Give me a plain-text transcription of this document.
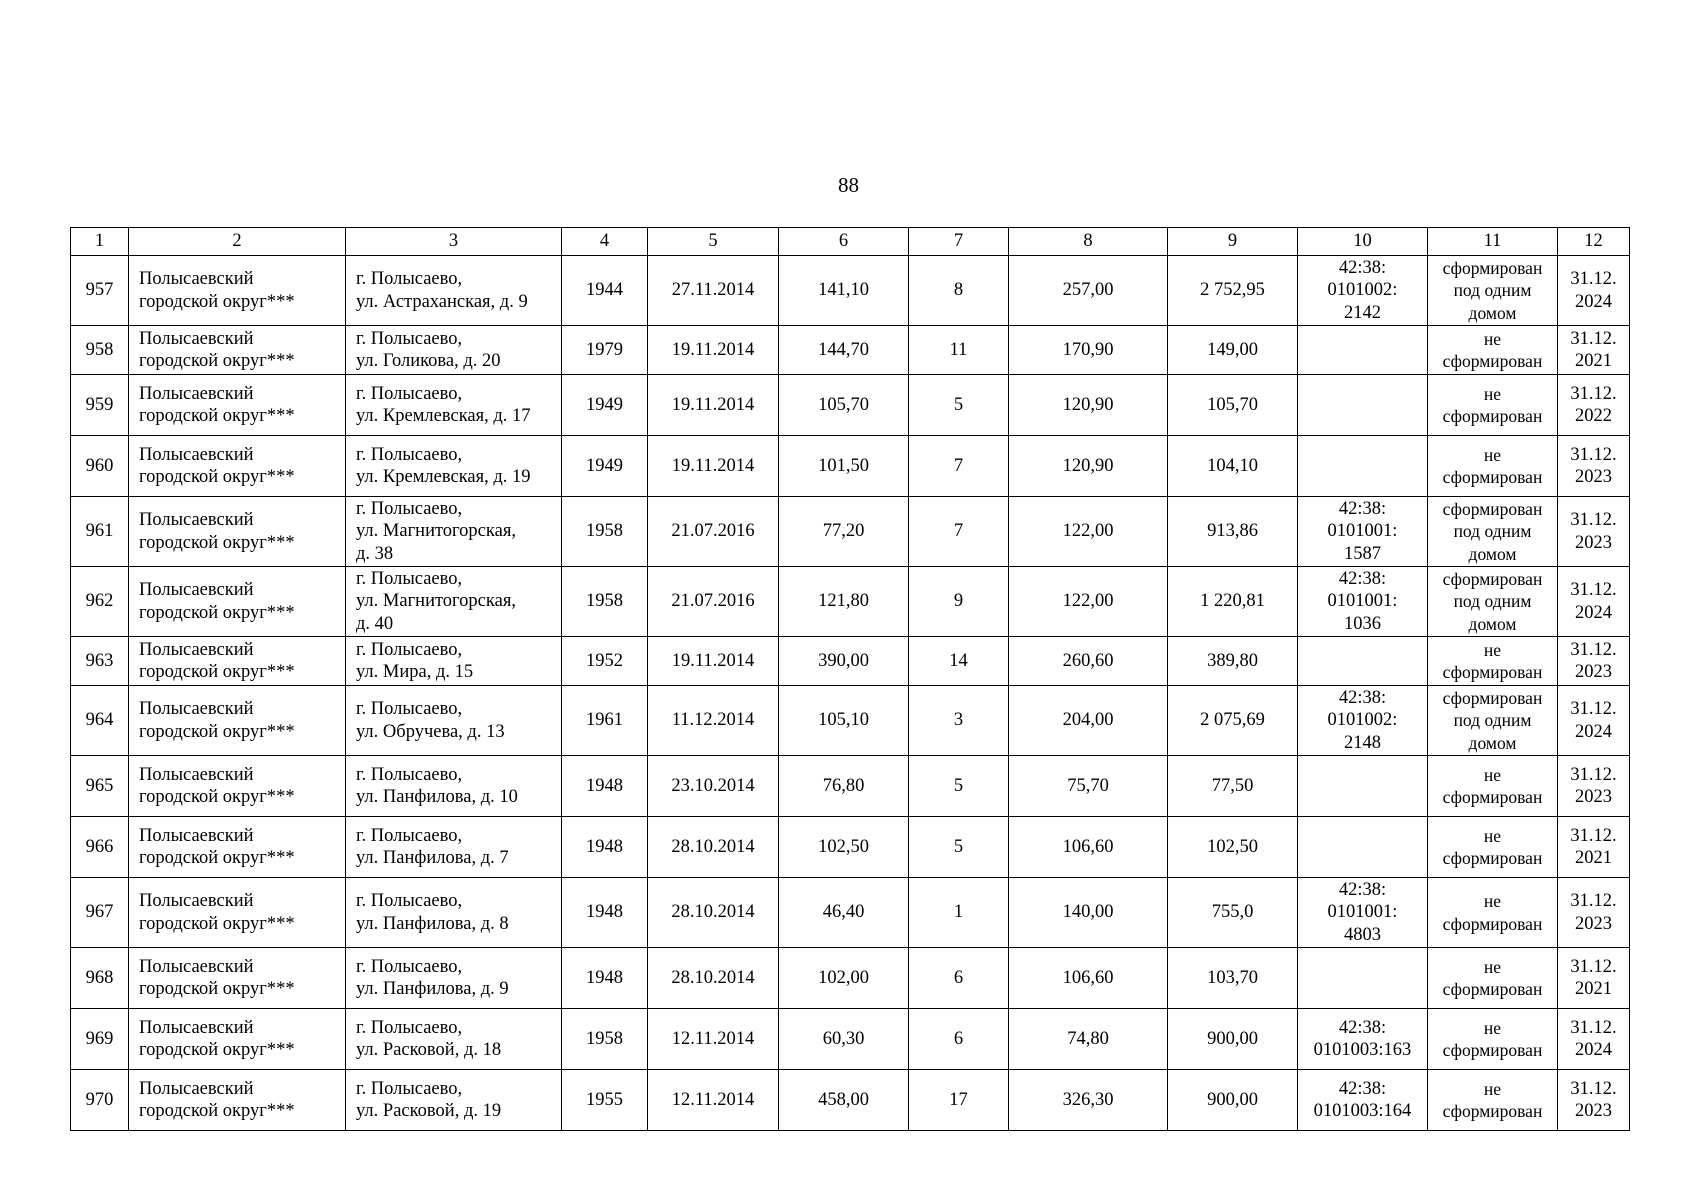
88
1	2	3	4	5	6	7	8	9	10	11	12
957	Полысаевский
городской округ***	г. Полысаево,
ул. Астраханская, д. 9	1944	27.11.2014	141,10	8	257,00	2 752,95	42:38:
0101002:
2142	сформирован
под одним
домом	31.12.
2024
958	Полысаевский
городской округ***	г. Полысаево,
ул. Голикова, д. 20	1979	19.11.2014	144,70	11	170,90	149,00		не
сформирован	31.12.
2021
959	Полысаевский
городской округ***	г. Полысаево,
ул. Кремлевская, д. 17	1949	19.11.2014	105,70	5	120,90	105,70		не
сформирован	31.12.
2022
960	Полысаевский
городской округ***	г. Полысаево,
ул. Кремлевская, д. 19	1949	19.11.2014	101,50	7	120,90	104,10		не
сформирован	31.12.
2023
961	Полысаевский
городской округ***	г. Полысаево,
ул. Магнитогорская,
д. 38	1958	21.07.2016	77,20	7	122,00	913,86	42:38:
0101001:
1587	сформирован
под одним
домом	31.12.
2023
962	Полысаевский
городской округ***	г. Полысаево,
ул. Магнитогорская,
д. 40	1958	21.07.2016	121,80	9	122,00	1 220,81	42:38:
0101001:
1036	сформирован
под одним
домом	31.12.
2024
963	Полысаевский
городской округ***	г. Полысаево,
ул. Мира, д. 15	1952	19.11.2014	390,00	14	260,60	389,80		не
сформирован	31.12.
2023
964	Полысаевский
городской округ***	г. Полысаево,
ул. Обручева, д. 13	1961	11.12.2014	105,10	3	204,00	2 075,69	42:38:
0101002:
2148	сформирован
под одним
домом	31.12.
2024
965	Полысаевский
городской округ***	г. Полысаево,
ул. Панфилова, д. 10	1948	23.10.2014	76,80	5	75,70	77,50		не
сформирован	31.12.
2023
966	Полысаевский
городской округ***	г. Полысаево,
ул. Панфилова, д. 7	1948	28.10.2014	102,50	5	106,60	102,50		не
сформирован	31.12.
2021
967	Полысаевский
городской округ***	г. Полысаево,
ул. Панфилова, д. 8	1948	28.10.2014	46,40	1	140,00	755,0	42:38:
0101001:
4803	не
сформирован	31.12.
2023
968	Полысаевский
городской округ***	г. Полысаево,
ул. Панфилова, д. 9	1948	28.10.2014	102,00	6	106,60	103,70		не
сформирован	31.12.
2021
969	Полысаевский
городской округ***	г. Полысаево,
ул. Расковой, д. 18	1958	12.11.2014	60,30	6	74,80	900,00	42:38:
0101003:163	не
сформирован	31.12.
2024
970	Полысаевский
городской округ***	г. Полысаево,
ул. Расковой, д. 19	1955	12.11.2014	458,00	17	326,30	900,00	42:38:
0101003:164	не
сформирован	31.12.
2023
